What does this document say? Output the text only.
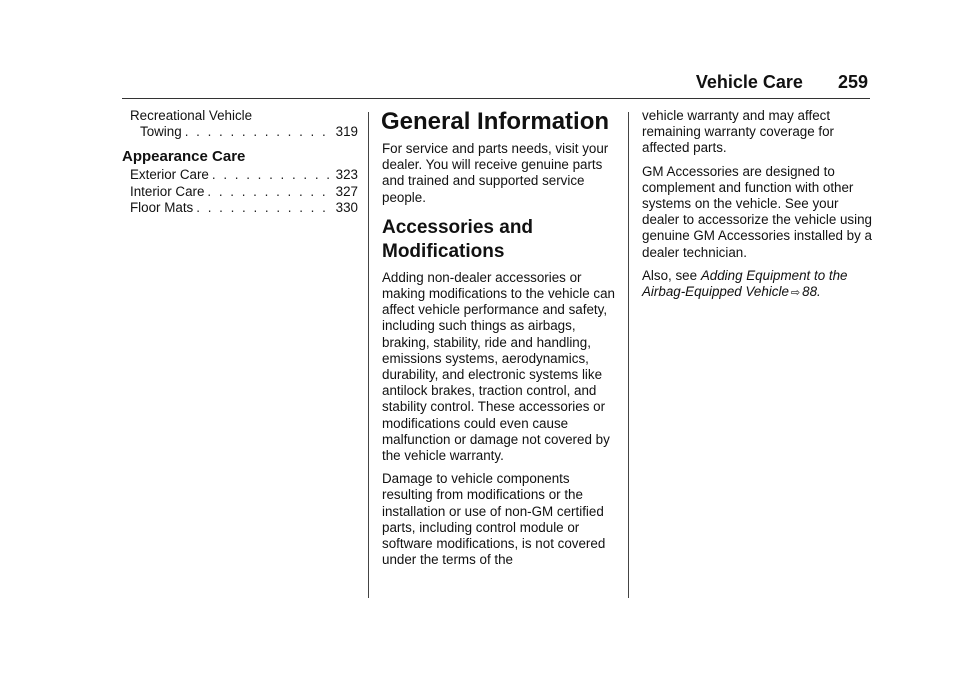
Vehicle Care 259
Recreational Vehicle
Towing . . .	319
Appearance Care
Exterior Care . . .	323
Interior Care . . .	327
Floor Mats . . .	330
General Information

For service and parts needs, visit your dealer. You will receive genuine parts and trained and supported service people.

Accessories and Modifications

Adding non-dealer accessories or making modifications to the vehicle can affect vehicle performance and safety, including such things as airbags, braking, stability, ride and handling, emissions systems, aerodynamics, durability, and electronic systems like antilock brakes, traction control, and stability control. These accessories or modifications could even cause malfunction or damage not covered by the vehicle warranty.

Damage to vehicle components resulting from modifications or the installation or use of non-GM certified parts, including control module or software modifications, is not covered under the terms of the

vehicle warranty and may affect remaining warranty coverage for affected parts.

GM Accessories are designed to complement and function with other systems on the vehicle. See your dealer to accessorize the vehicle using genuine GM Accessories installed by a dealer technician.

Also, see Adding Equipment to the Airbag-Equipped Vehicle ⇨ 88.
